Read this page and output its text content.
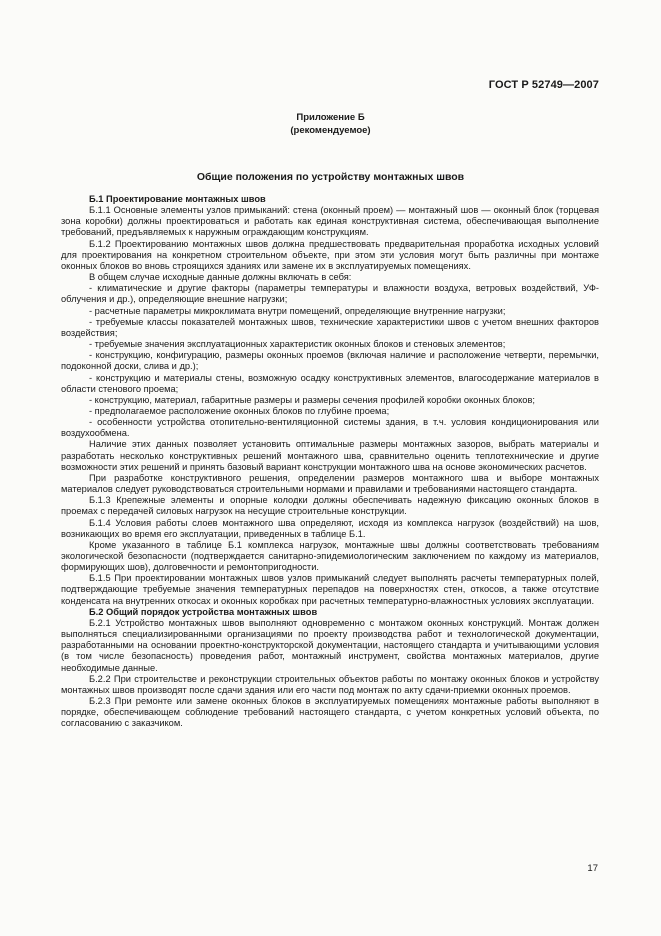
ГОСТ Р 52749—2007
Приложение Б
(рекомендуемое)
Общие положения по устройству монтажных швов

Б.1 Проектирование монтажных швов

Б.1.1 Основные элементы узлов примыканий: стена (оконный проем) — монтажный шов — оконный блок (торцевая зона коробки) должны проектироваться и работать как единая конструктивная система, обеспечивающая выполнение требований, предъявляемых к наружным ограждающим конструкциям.

Б.1.2 Проектированию монтажных швов должна предшествовать предварительная проработка исходных условий для проектирования на конкретном строительном объекте, при этом эти условия могут быть различны при монтаже оконных блоков во вновь строящихся зданиях или замене их в эксплуатируемых помещениях.

В общем случае исходные данные должны включать в себя:

- климатические и другие факторы (параметры температуры и влажности воздуха, ветровых воздействий, УФ-облучения и др.), определяющие внешние нагрузки;

- расчетные параметры микроклимата внутри помещений, определяющие внутренние нагрузки;

- требуемые классы показателей монтажных швов, технические характеристики швов с учетом внешних факторов воздействия;

- требуемые значения эксплуатационных характеристик оконных блоков и стеновых элементов;

- конструкцию, конфигурацию, размеры оконных проемов (включая наличие и расположение четверти, перемычки, подоконной доски, слива и др.);

- конструкцию и материалы стены, возможную осадку конструктивных элементов, влагосодержание материалов в области стенового проема;

- конструкцию, материал, габаритные размеры и размеры сечения профилей коробки оконных блоков;

- предполагаемое расположение оконных блоков по глубине проема;

- особенности устройства отопительно-вентиляционной системы здания, в т.ч. условия кондиционирования или воздухообмена.

Наличие этих данных позволяет установить оптимальные размеры монтажных зазоров, выбрать материалы и разработать несколько конструктивных решений монтажного шва, сравнительно оценить теплотехнические и другие возможности этих решений и принять базовый вариант конструкции монтажного шва на основе экономических расчетов.

При разработке конструктивного решения, определении размеров монтажного шва и выборе монтажных материалов следует руководствоваться строительными нормами и правилами и требованиями настоящего стандарта.

Б.1.3 Крепежные элементы и опорные колодки должны обеспечивать надежную фиксацию оконных блоков в проемах с передачей силовых нагрузок на несущие строительные конструкции.

Б.1.4 Условия работы слоев монтажного шва определяют, исходя из комплекса нагрузок (воздействий) на шов, возникающих во время его эксплуатации, приведенных в таблице Б.1.

Кроме указанного в таблице Б.1 комплекса нагрузок, монтажные швы должны соответствовать требованиям экологической безопасности (подтверждается санитарно-эпидемиологическим заключением по каждому из материалов, формирующих шов), долговечности и ремонтопригодности.

Б.1.5 При проектировании монтажных швов узлов примыканий следует выполнять расчеты температурных полей, подтверждающие требуемые значения температурных перепадов на поверхностях стен, откосов, а также отсутствие конденсата на внутренних откосах и оконных коробках при расчетных температурно-влажностных условиях эксплуатации.

Б.2 Общий порядок устройства монтажных швов

Б.2.1 Устройство монтажных швов выполняют одновременно с монтажом оконных конструкций. Монтаж должен выполняться специализированными организациями по проекту производства работ и технологической документации, разработанными на основании проектно-конструкторской документации, настоящего стандарта и учитывающими условия (в том числе безопасность) проведения работ, монтажный инструмент, свойства монтажных материалов, другие необходимые данные.

Б.2.2 При строительстве и реконструкции строительных объектов работы по монтажу оконных блоков и устройству монтажных швов производят после сдачи здания или его части под монтаж по акту сдачи-приемки оконных проемов.

Б.2.3 При ремонте или замене оконных блоков в эксплуатируемых помещениях монтажные работы выполняют в порядке, обеспечивающем соблюдение требований настоящего стандарта, с учетом конкретных условий объекта, по согласованию с заказчиком.

17
